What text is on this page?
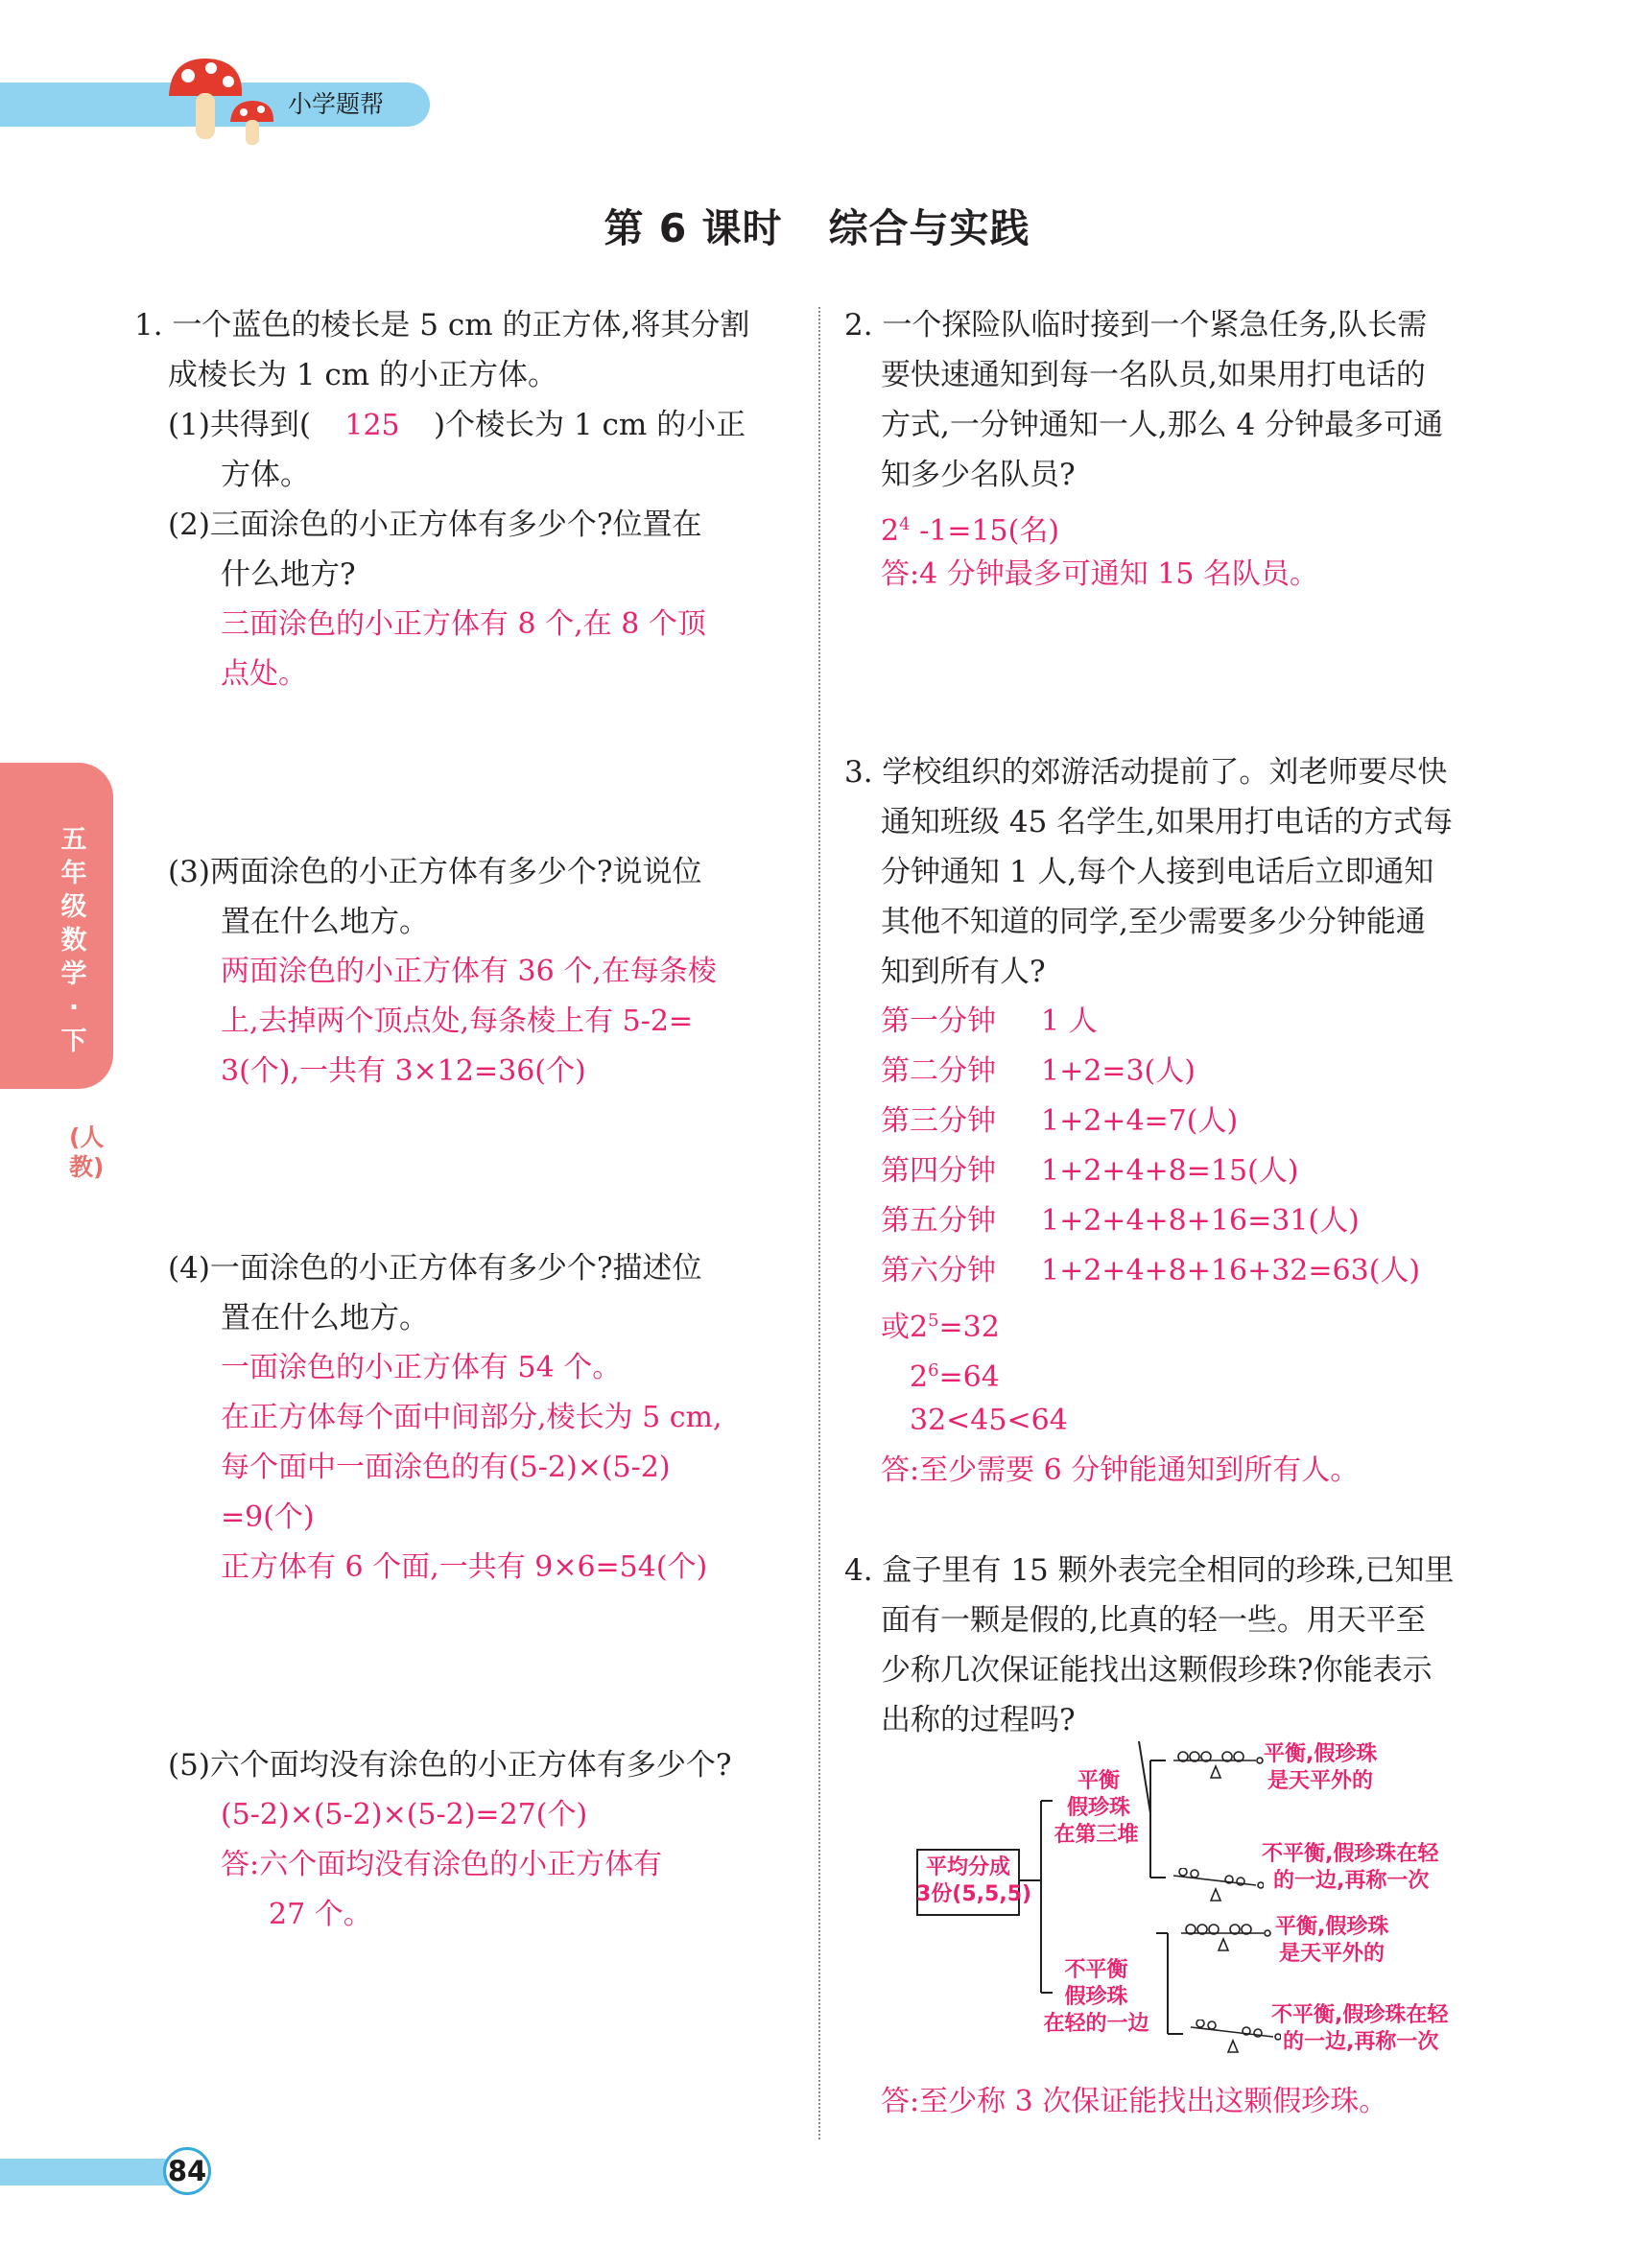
小学题帮
第 6 课时 综合与实践
五年级数学·下
(人教)
1. 一个蓝色的棱长是 5 cm 的正方体,将其分割
成棱长为 1 cm 的小正方体。
(1)共得到( 125 )个棱长为 1 cm 的小正
方体。
(2)三面涂色的小正方体有多少个?位置在
什么地方?
三面涂色的小正方体有 8 个,在 8 个顶
点处。
(3)两面涂色的小正方体有多少个?说说位
置在什么地方。
两面涂色的小正方体有 36 个,在每条棱
上,去掉两个顶点处,每条棱上有 5-2=
3(个),一共有 3×12=36(个)
(4)一面涂色的小正方体有多少个?描述位
置在什么地方。
一面涂色的小正方体有 54 个。
在正方体每个面中间部分,棱长为 5 cm,
每个面中一面涂色的有(5-2)×(5-2)
=9(个)
正方体有 6 个面,一共有 9×6=54(个)
(5)六个面均没有涂色的小正方体有多少个?
(5-2)×(5-2)×(5-2)=27(个)
答:六个面均没有涂色的小正方体有
27 个。
2. 一个探险队临时接到一个紧急任务,队长需
要快速通知到每一名队员,如果用打电话的
方式,一分钟通知一人,那么 4 分钟最多可通
知多少名队员?
$2^4$ -1=15(名)
答:4 分钟最多可通知 15 名队员。
3. 学校组织的郊游活动提前了。刘老师要尽快
通知班级 45 名学生,如果用打电话的方式每
分钟通知 1 人,每个人接到电话后立即通知
其他不知道的同学,至少需要多少分钟能通
知到所有人?
第一分钟 1 人
第二分钟 1+2=3(人)
第三分钟 1+2+4=7(人)
第四分钟 1+2+4+8=15(人)
第五分钟 1+2+4+8+16=31(人)
第六分钟 1+2+4+8+16+32=63(人)
或$2^5=32$
$2^6=64$
32<45<64
答:至少需要 6 分钟能通知到所有人。
4. 盒子里有 15 颗外表完全相同的珍珠,已知里
面有一颗是假的,比真的轻一些。用天平至
少称几次保证能找出这颗假珍珠?你能表示
出称的过程吗?
平均分成
3份(5,5,5)
平衡
假珍珠
在第三堆
不平衡
假珍珠
在轻的一边
平衡,假珍珠
是天平外的
不平衡,假珍珠在轻
的一边,再称一次
平衡,假珍珠
是天平外的
不平衡,假珍珠在轻
的一边,再称一次
答:至少称 3 次保证能找出这颗假珍珠。
84
